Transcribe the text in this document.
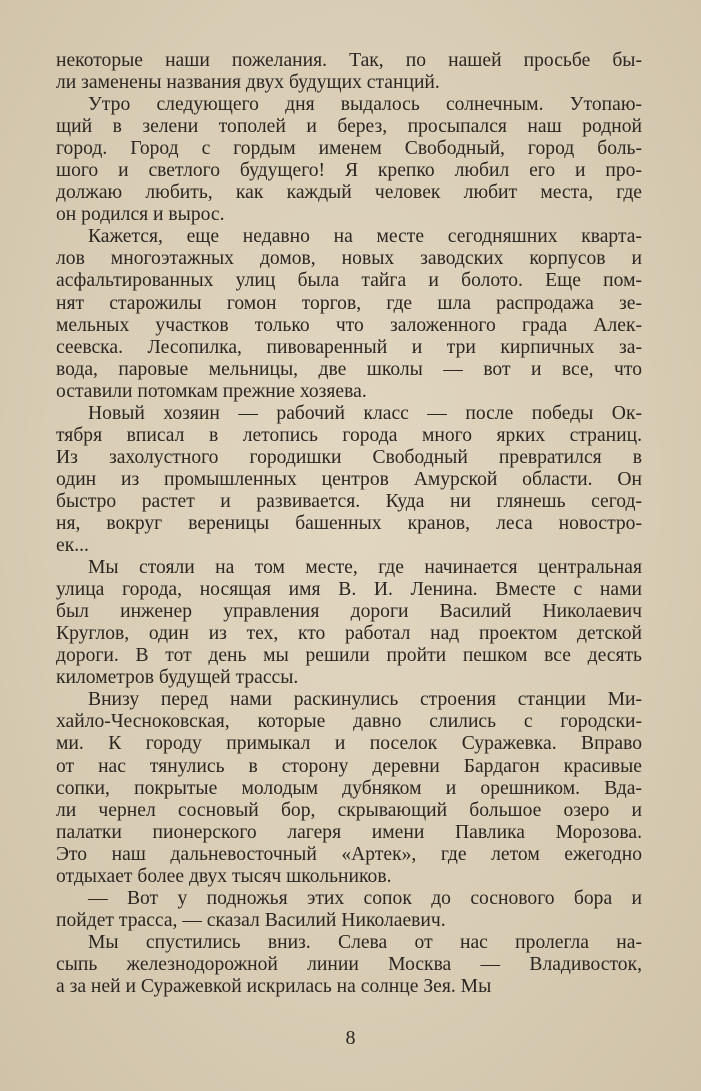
некоторые наши пожелания. Так, по нашей просьбе бы-
ли заменены названия двух будущих станций.
Утро следующего дня выдалось солнечным. Утопаю-
щий в зелени тополей и берез, просыпался наш родной
город. Город с гордым именем Свободный, город боль-
шого и светлого будущего! Я крепко любил его и про-
должаю любить, как каждый человек любит места, где
он родился и вырос.
Кажется, еще недавно на месте сегодняшних кварта-
лов многоэтажных домов, новых заводских корпусов и
асфальтированных улиц была тайга и болото. Еще пом-
нят старожилы гомон торгов, где шла распродажа зе-
мельных участков только что заложенного града Алек-
сеевска. Лесопилка, пивоваренный и три кирпичных за-
вода, паровые мельницы, две школы — вот и все, что
оставили потомкам прежние хозяева.
Новый хозяин — рабочий класс — после победы Ок-
тября вписал в летопись города много ярких страниц.
Из захолустного городишки Свободный превратился в
один из промышленных центров Амурской области. Он
быстро растет и развивается. Куда ни глянешь сегод-
ня, вокруг вереницы башенных кранов, леса новостро-
ек...
Мы стояли на том месте, где начинается центральная
улица города, носящая имя В. И. Ленина. Вместе с нами
был инженер управления дороги Василий Николаевич
Круглов, один из тех, кто работал над проектом детской
дороги. В тот день мы решили пройти пешком все десять
километров будущей трассы.
Внизу перед нами раскинулись строения станции Ми-
хайло-Чесноковская, которые давно слились с городски-
ми. К городу примыкал и поселок Суражевка. Вправо
от нас тянулись в сторону деревни Бардагон красивые
сопки, покрытые молодым дубняком и орешником. Вда-
ли чернел сосновый бор, скрывающий большое озеро и
палатки пионерского лагеря имени Павлика Морозова.
Это наш дальневосточный «Артек», где летом ежегодно
отдыхает более двух тысяч школьников.
— Вот у подножья этих сопок до соснового бора и
пойдет трасса, — сказал Василий Николаевич.
Мы спустились вниз. Слева от нас пролегла на-
сыпь железнодорожной линии Москва — Владивосток,
а за ней и Суражевкой искрилась на солнце Зея. Мы
8
